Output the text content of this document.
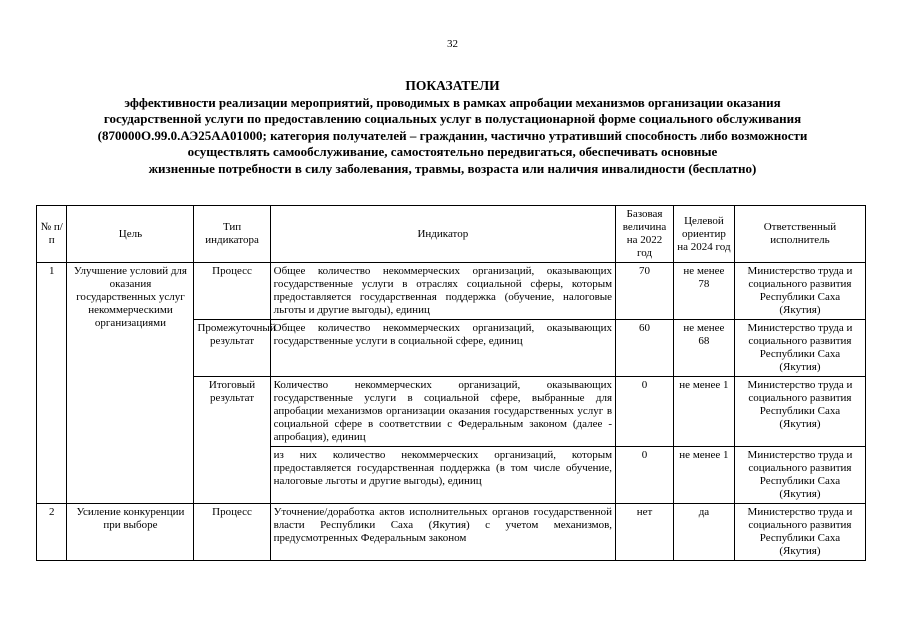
32
ПОКАЗАТЕЛИ
эффективности реализации мероприятий, проводимых в рамках апробации механизмов организации оказания
государственной услуги по предоставлению социальных услуг в полустационарной форме социального обслуживания
(870000О.99.0.АЭ25АА01000; категория получателей – гражданин, частично утративший способность либо возможности
осуществлять самообслуживание, самостоятельно передвигаться, обеспечивать основные
жизненные потребности в силу заболевания, травмы, возраста или наличия инвалидности (бесплатно)
№ п/п	Цель	Тип индикатора	Индикатор	Базовая величина на 2022 год	Целевой ориентир на 2024 год	Ответственный исполнитель
1	Улучшение условий для оказания государственных услуг некоммерческими организациями	Процесс	Общее количество некоммерческих организаций, оказывающих государственные услуги в отраслях социальной сферы, которым предоставляется государственная поддержка (обучение, налоговые льготы и другие выгоды), единиц	70	не менее 78	Министерство труда и социального развития Республики Саха (Якутия)
		Промежуточный результат	Общее количество некоммерческих организаций, оказывающих государственные услуги в социальной сфере, единиц	60	не менее 68	Министерство труда и социального развития Республики Саха (Якутия)
		Итоговый результат	Количество некоммерческих организаций, оказывающих государственные услуги в социальной сфере, выбранные для апробации механизмов организации оказания государственных услуг в социальной сфере в соответствии с Федеральным законом (далее - апробация), единиц	0	не менее 1	Министерство труда и социального развития Республики Саха (Якутия)
			из них количество некоммерческих организаций, которым предоставляется государственная поддержка (в том числе обучение, налоговые льготы и другие выгоды), единиц	0	не менее 1	Министерство труда и социального развития Республики Саха (Якутия)
2	Усиление конкуренции при выборе	Процесс	Уточнение/доработка актов исполнительных органов государственной власти Республики Саха (Якутия) с учетом механизмов, предусмотренных Федеральным законом	нет	да	Министерство труда и социального развития Республики Саха (Якутия)
